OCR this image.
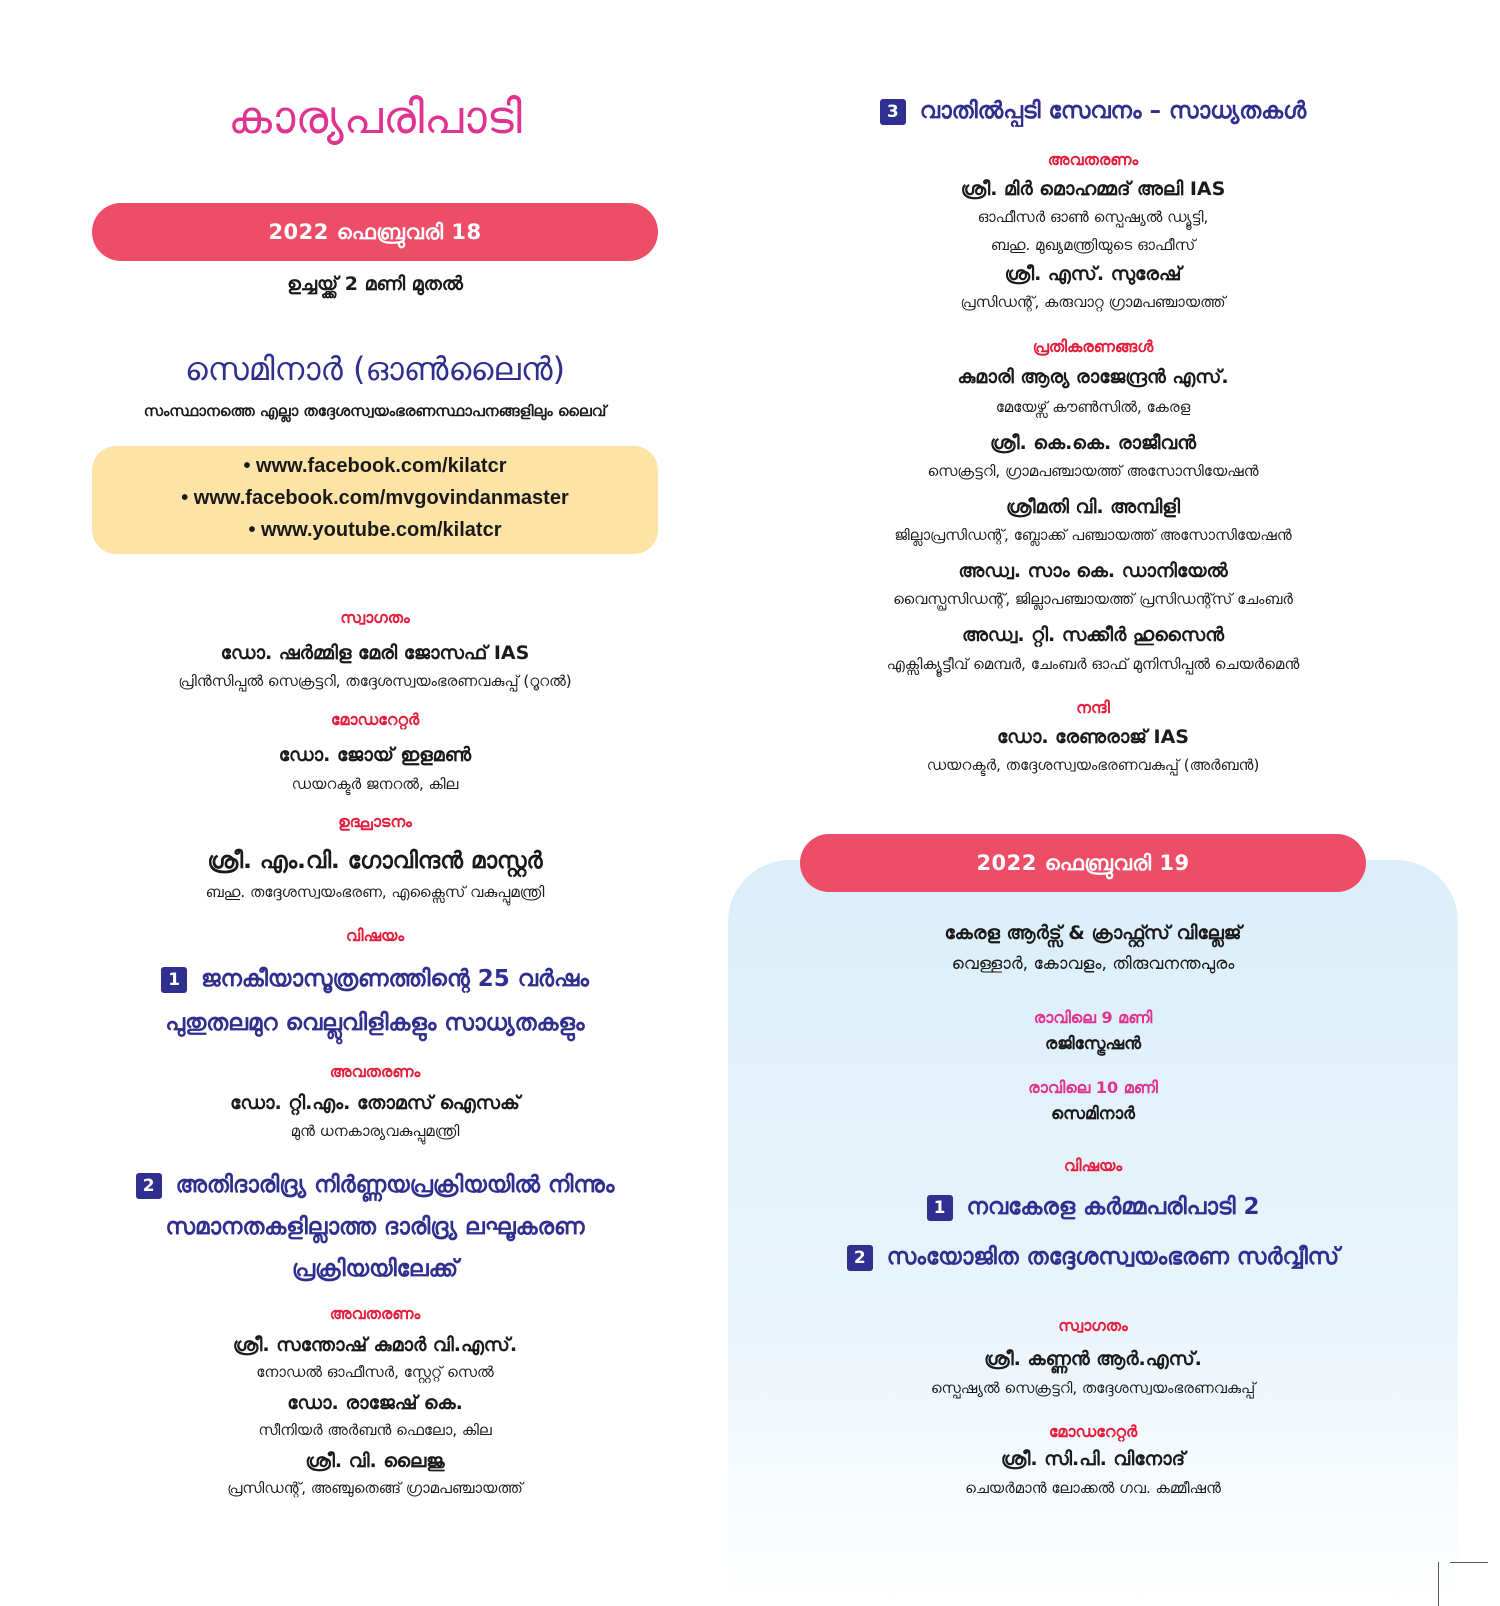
കാര്യപരിപാടി
2022 ഫെബ്രുവരി 18
ഉച്ചയ്ക്ക് 2 മണി മുതൽ
സെമിനാർ (ഓൺലൈൻ)
സംസ്ഥാനത്തെ എല്ലാ തദ്ദേശസ്വയംഭരണസ്ഥാപനങ്ങളിലും ലൈവ്
• www.facebook.com/kilatcr
• www.facebook.com/mvgovindanmaster
• www.youtube.com/kilatcr
സ്വാഗതം
ഡോ. ഷർമ്മിള മേരി ജോസഫ് IAS
പ്രിൻസിപ്പൽ സെക്രട്ടറി, തദ്ദേശസ്വയംഭരണവകുപ്പ് (റൂറൽ)
മോഡറേറ്റർ
ഡോ. ജോയ് ഇളമൺ
ഡയറക്ടർ ജനറൽ, കില
ഉദ്ഘാടനം
ശ്രീ. എം.വി. ഗോവിന്ദൻ മാസ്റ്റർ
ബഹു. തദ്ദേശസ്വയംഭരണ, എക്സൈസ് വകുപ്പുമന്ത്രി
വിഷയം
1 ജനകീയാസൂത്രണത്തിന്റെ 25 വർഷം
പുതുതലമുറ വെല്ലുവിളികളും സാധ്യതകളും
അവതരണം
ഡോ. റ്റി.എം. തോമസ് ഐസക്
മുൻ ധനകാര്യവകുപ്പുമന്ത്രി
2 അതിദാരിദ്ര്യ നിർണ്ണയപ്രക്രിയയിൽ നിന്നും
സമാനതകളില്ലാത്ത ദാരിദ്ര്യ ലഘൂകരണ
പ്രക്രിയയിലേക്ക്
അവതരണം
ശ്രീ. സന്തോഷ് കുമാർ വി.എസ്.
നോഡൽ ഓഫീസർ, സ്റ്റേറ്റ് സെൽ
ഡോ. രാജേഷ് കെ.
സീനിയർ അർബൻ ഫെലോ, കില
ശ്രീ. വി. ലൈജു
പ്രസിഡന്റ്, അഞ്ചുതെങ്ങ് ഗ്രാമപഞ്ചായത്ത്
3 വാതിൽപ്പടി സേവനം – സാധ്യതകൾ
അവതരണം
ശ്രീ. മിർ മൊഹമ്മദ് അലി IAS
ഓഫീസർ ഓൺ സ്പെഷ്യൽ ഡ്യൂട്ടി,
ബഹു. മുഖ്യമന്ത്രിയുടെ ഓഫീസ്
ശ്രീ. എസ്. സുരേഷ്
പ്രസിഡന്റ്, കരുവാറ്റ ഗ്രാമപഞ്ചായത്ത്
പ്രതികരണങ്ങൾ
കുമാരി ആര്യ രാജേന്ദ്രൻ എസ്.
മേയേഴ്സ് കൗൺസിൽ, കേരള
ശ്രീ. കെ.കെ. രാജീവൻ
സെക്രട്ടറി, ഗ്രാമപഞ്ചായത്ത് അസോസിയേഷൻ
ശ്രീമതി വി. അമ്പിളി
ജില്ലാപ്രസിഡന്റ്, ബ്ലോക്ക് പഞ്ചായത്ത് അസോസിയേഷൻ
അഡ്വ. സാം കെ. ഡാനിയേൽ
വൈസ്പ്രസിഡന്റ്, ജില്ലാപഞ്ചായത്ത് പ്രസിഡന്റ്സ് ചേംബർ
അഡ്വ. റ്റി. സക്കീർ ഹുസൈൻ
എക്സിക്യൂട്ടീവ് മെമ്പർ, ചേംബർ ഓഫ് മുനിസിപ്പൽ ചെയർമെൻ
നന്ദി
ഡോ. രേണുരാജ് IAS
ഡയറക്ടർ, തദ്ദേശസ്വയംഭരണവകുപ്പ് (അർബൻ)
2022 ഫെബ്രുവരി 19
കേരള ആർട്സ് & ക്രാഫ്റ്റ്സ് വില്ലേജ്
വെള്ളാർ, കോവളം, തിരുവനന്തപുരം
രാവിലെ 9 മണി
രജിസ്ട്രേഷൻ
രാവിലെ 10 മണി
സെമിനാർ
വിഷയം
1 നവകേരള കർമ്മപരിപാടി 2
2 സംയോജിത തദ്ദേശസ്വയംഭരണ സർവ്വീസ്
സ്വാഗതം
ശ്രീ. കണ്ണൻ ആർ.എസ്.
സ്പെഷ്യൽ സെക്രട്ടറി, തദ്ദേശസ്വയംഭരണവകുപ്പ്
മോഡറേറ്റർ
ശ്രീ. സി.പി. വിനോദ്
ചെയർമാൻ ലോക്കൽ ഗവ. കമ്മീഷൻ
